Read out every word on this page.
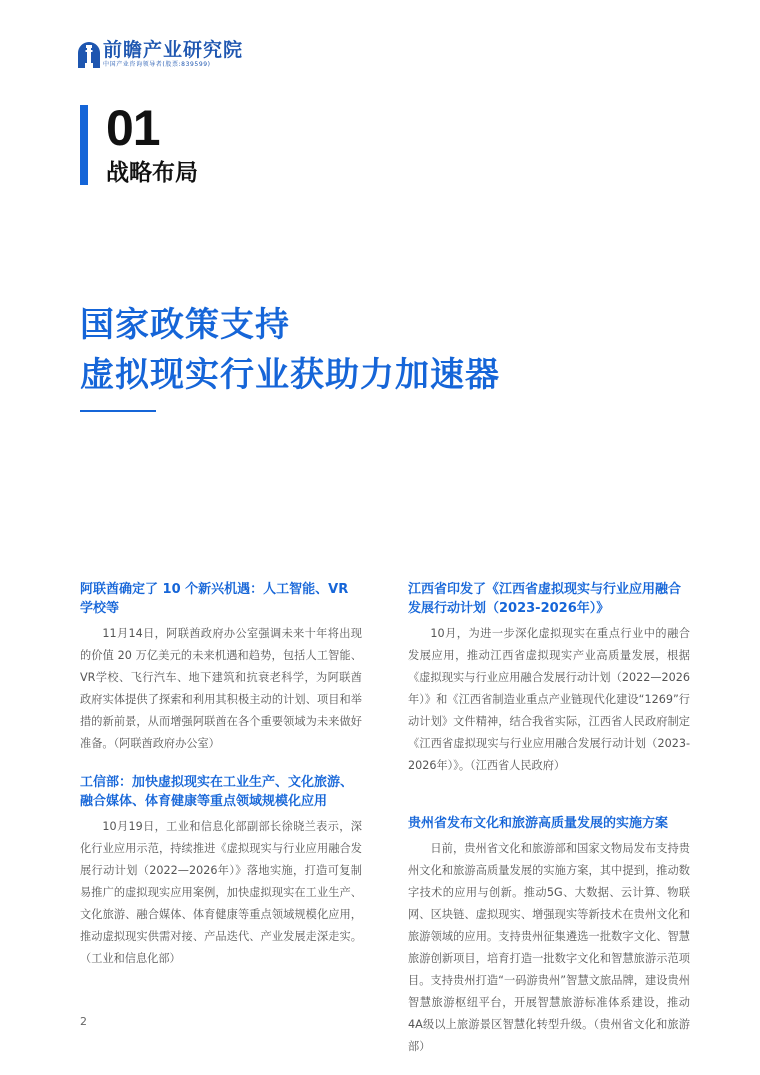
前瞻产业研究院
中国产业咨询领导者(股票:839599)
01
战略布局
国家政策支持
虚拟现实行业获助力加速器
阿联酋确定了 10 个新兴机遇：人工智能、VR 学校等
11月14日，阿联酋政府办公室强调未来十年将出现的价值 20 万亿美元的未来机遇和趋势，包括人工智能、VR学校、飞行汽车、地下建筑和抗衰老科学，为阿联酋政府实体提供了探索和利用其积极主动的计划、项目和举措的新前景，从而增强阿联酋在各个重要领域为未来做好准备。（阿联酋政府办公室）
工信部：加快虚拟现实在工业生产、文化旅游、融合媒体、体育健康等重点领域规模化应用
10月19日，工业和信息化部副部长徐晓兰表示，深化行业应用示范，持续推进《虚拟现实与行业应用融合发展行动计划（2022—2026年）》落地实施，打造可复制易推广的虚拟现实应用案例，加快虚拟现实在工业生产、文化旅游、融合媒体、体育健康等重点领域规模化应用，推动虚拟现实供需对接、产品迭代、产业发展走深走实。（工业和信息化部）
江西省印发了《江西省虚拟现实与行业应用融合发展行动计划（2023-2026年）》
10月，为进一步深化虚拟现实在重点行业中的融合发展应用，推动江西省虚拟现实产业高质量发展，根据《虚拟现实与行业应用融合发展行动计划（2022—2026年）》和《江西省制造业重点产业链现代化建设“1269”行动计划》文件精神，结合我省实际，江西省人民政府制定《江西省虚拟现实与行业应用融合发展行动计划（2023-2026年）》。（江西省人民政府）
贵州省发布文化和旅游高质量发展的实施方案
日前，贵州省文化和旅游部和国家文物局发布支持贵州文化和旅游高质量发展的实施方案，其中提到，推动数字技术的应用与创新。推动5G、大数据、云计算、物联网、区块链、虚拟现实、增强现实等新技术在贵州文化和旅游领域的应用。支持贵州征集遴选一批数字文化、智慧旅游创新项目，培育打造一批数字文化和智慧旅游示范项目。支持贵州打造“一码游贵州”智慧文旅品牌，建设贵州智慧旅游枢纽平台，开展智慧旅游标准体系建设，推动4A级以上旅游景区智慧化转型升级。（贵州省文化和旅游部）
2
